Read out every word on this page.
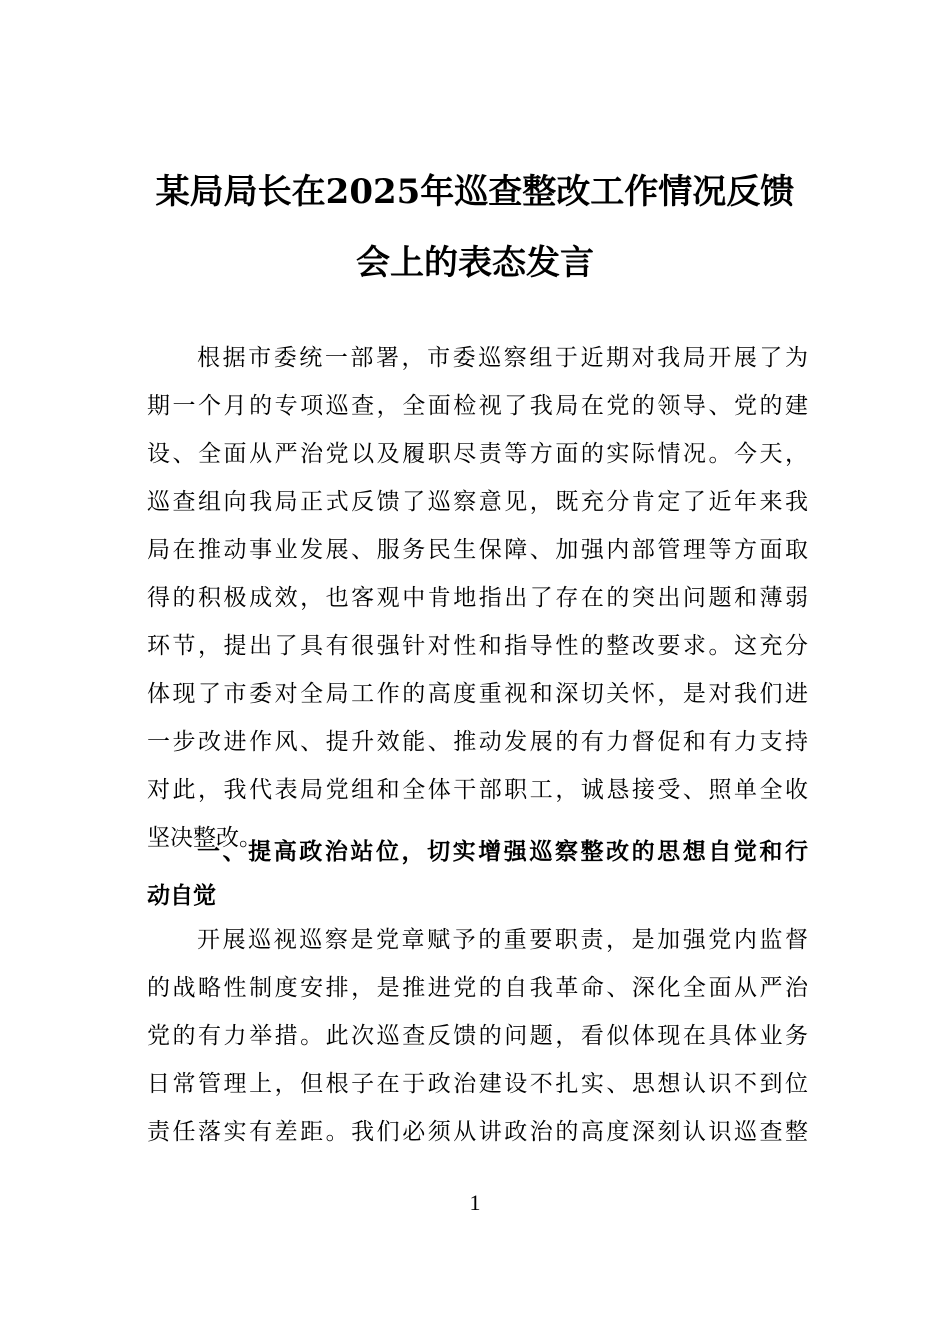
某局局长在2025年巡查整改工作情况反馈
会上的表态发言
根据市委统一部署，市委巡察组于近期对我局开展了为
期一个月的专项巡查，全面检视了我局在党的领导、党的建
设、全面从严治党以及履职尽责等方面的实际情况。今天，
巡查组向我局正式反馈了巡察意见，既充分肯定了近年来我
局在推动事业发展、服务民生保障、加强内部管理等方面取
得的积极成效，也客观中肯地指出了存在的突出问题和薄弱
环节，提出了具有很强针对性和指导性的整改要求。这充分
体现了市委对全局工作的高度重视和深切关怀，是对我们进
一步改进作风、提升效能、推动发展的有力督促和有力支持
对此，我代表局党组和全体干部职工，诚恳接受、照单全收
坚决整改。
一、提高政治站位，切实增强巡察整改的思想自觉和行
动自觉
开展巡视巡察是党章赋予的重要职责，是加强党内监督
的战略性制度安排，是推进党的自我革命、深化全面从严治
党的有力举措。此次巡查反馈的问题，看似体现在具体业务
日常管理上，但根子在于政治建设不扎实、思想认识不到位
责任落实有差距。我们必须从讲政治的高度深刻认识巡查整
1
